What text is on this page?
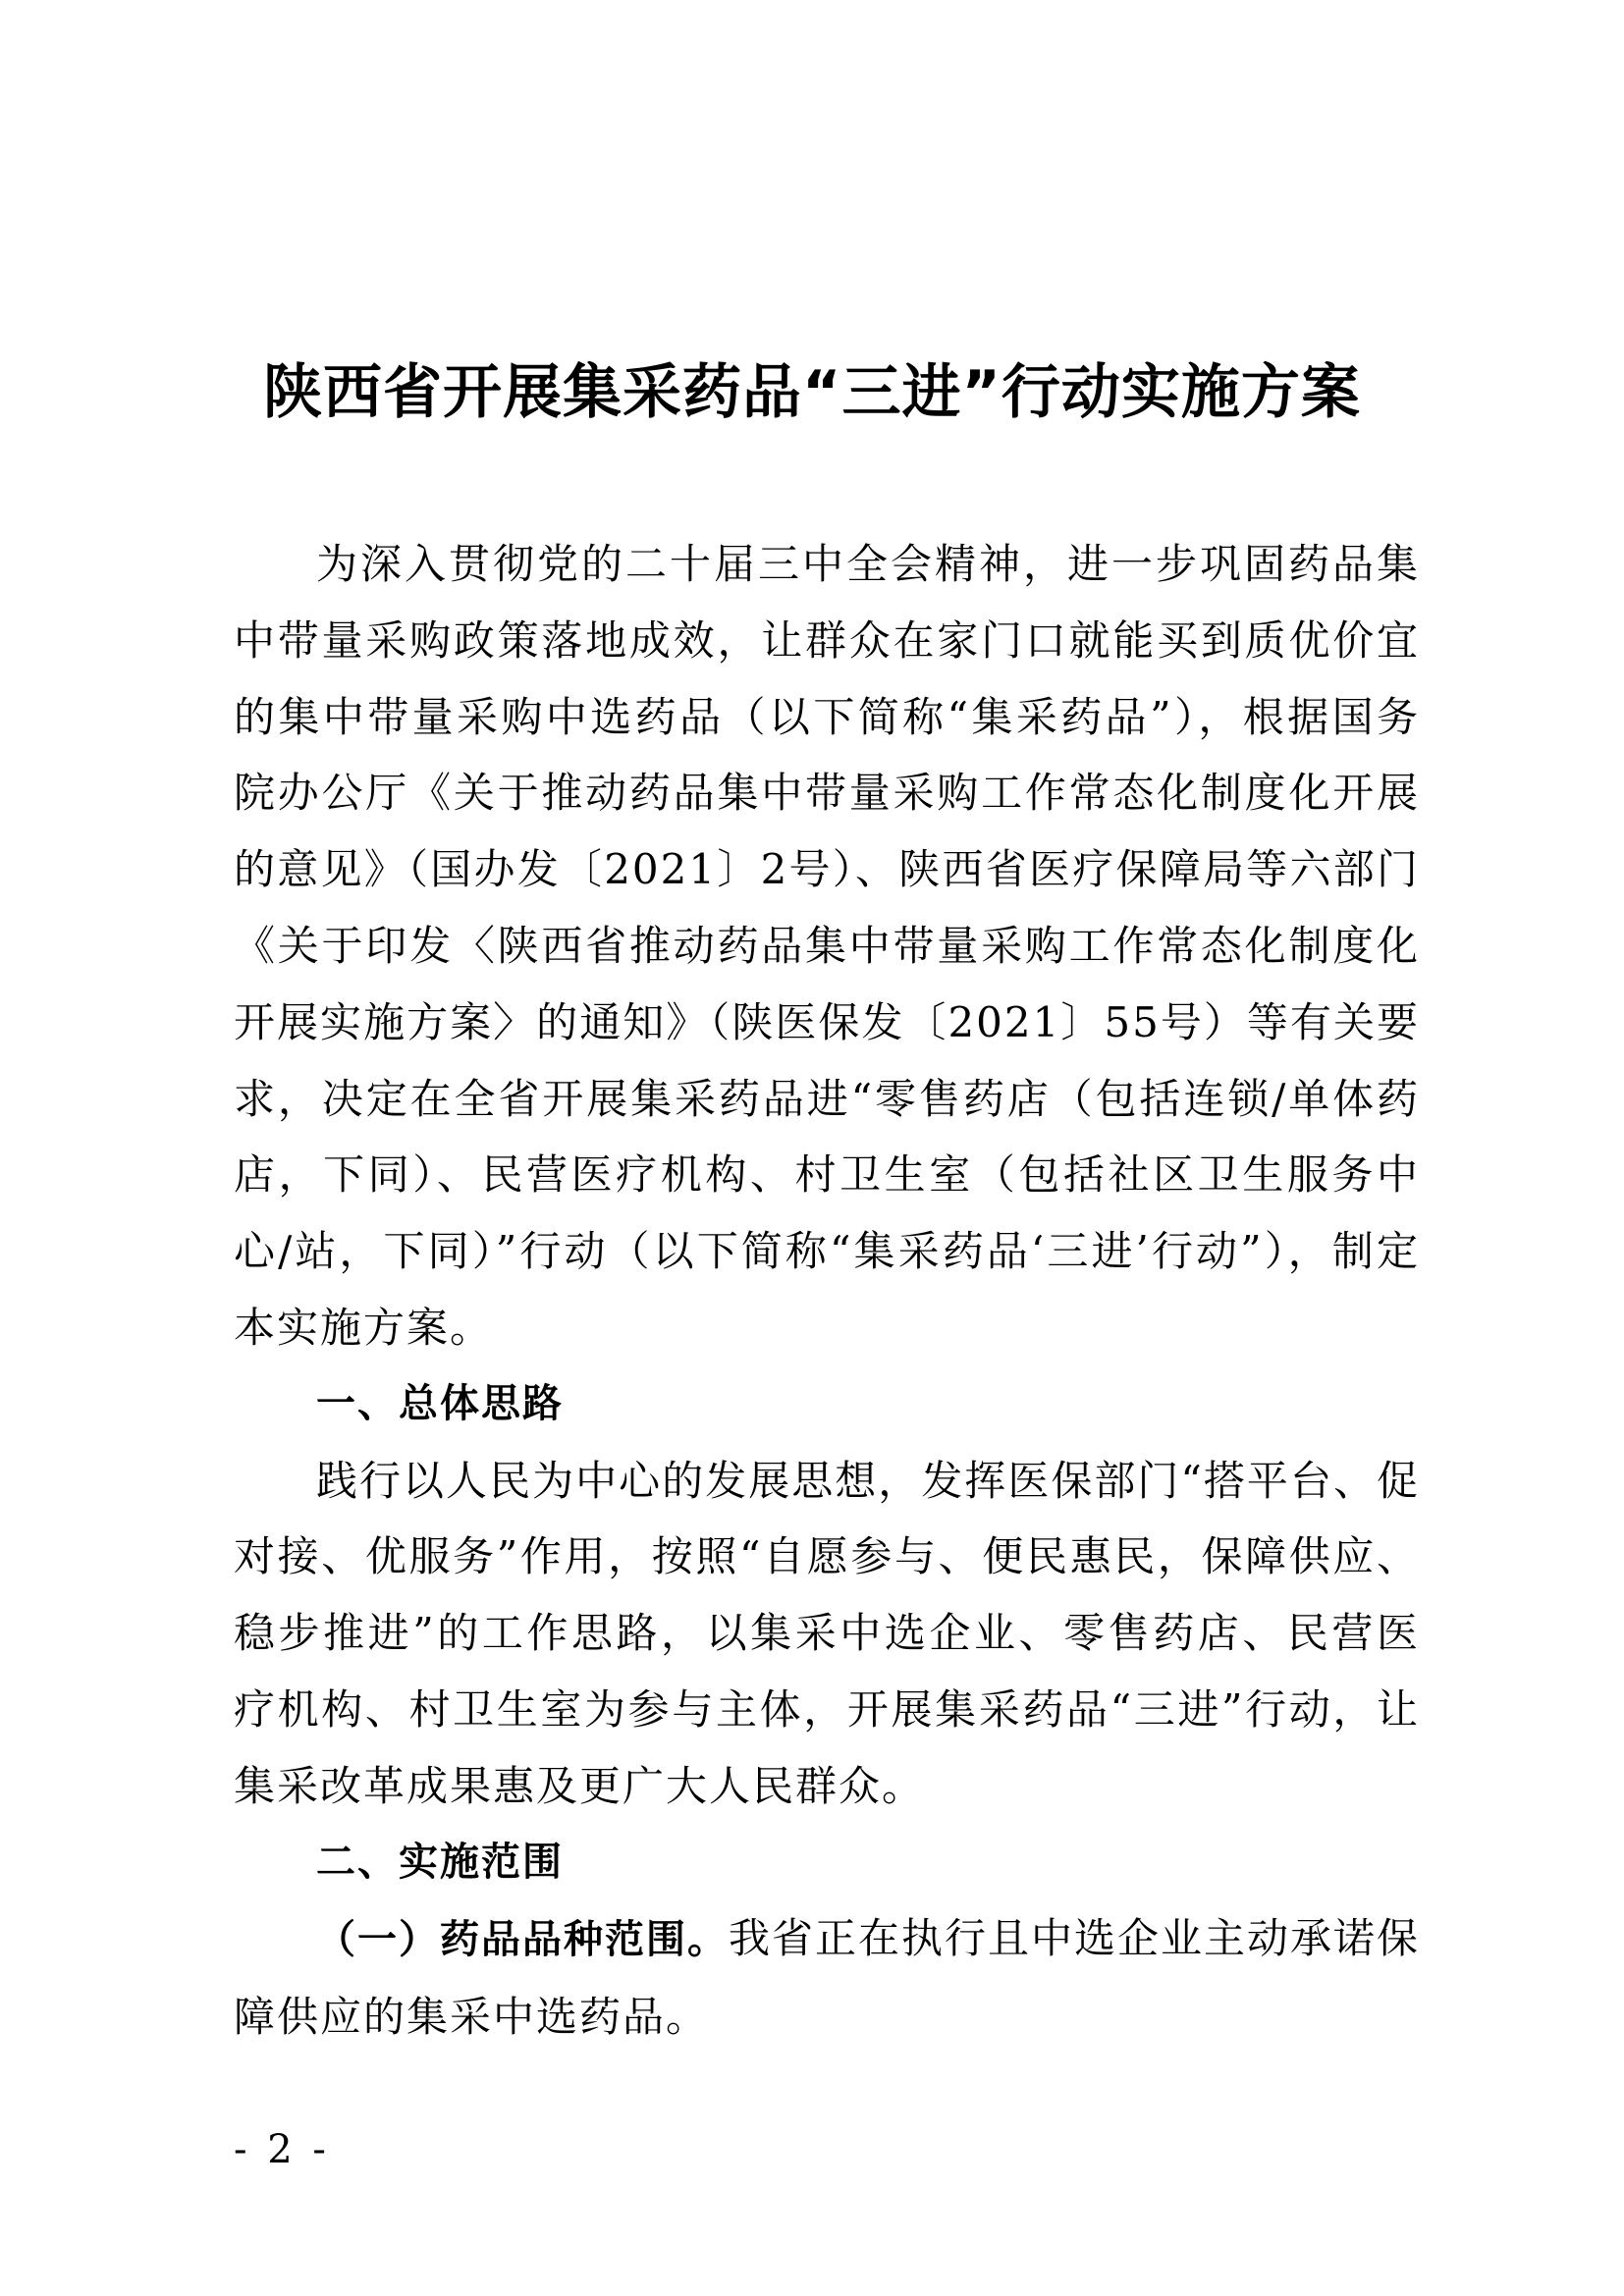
陕西省开展集采药品“三进”行动实施方案

为深入贯彻党的二十届三中全会精神，进一步巩固药品集中带量采购政策落地成效，让群众在家门口就能买到质优价宜的集中带量采购中选药品（以下简称“集采药品”），根据国务院办公厅《关于推动药品集中带量采购工作常态化制度化开展的意见》（国办发〔2021〕2号）、陕西省医疗保障局等六部门《关于印发〈陕西省推动药品集中带量采购工作常态化制度化开展实施方案〉的通知》（陕医保发〔2021〕55号）等有关要求，决定在全省开展集采药品进“零售药店（包括连锁/单体药店，下同）、民营医疗机构、村卫生室（包括社区卫生服务中心/站，下同）”行动（以下简称“集采药品‘三进’行动”），制定本实施方案。

一、总体思路

践行以人民为中心的发展思想，发挥医保部门“搭平台、促对接、优服务”作用，按照“自愿参与、便民惠民，保障供应、稳步推进”的工作思路，以集采中选企业、零售药店、民营医疗机构、村卫生室为参与主体，开展集采药品“三进”行动，让集采改革成果惠及更广大人民群众。

二、实施范围

（一）药品品种范围。我省正在执行且中选企业主动承诺保障供应的集采中选药品。

- 2 -
